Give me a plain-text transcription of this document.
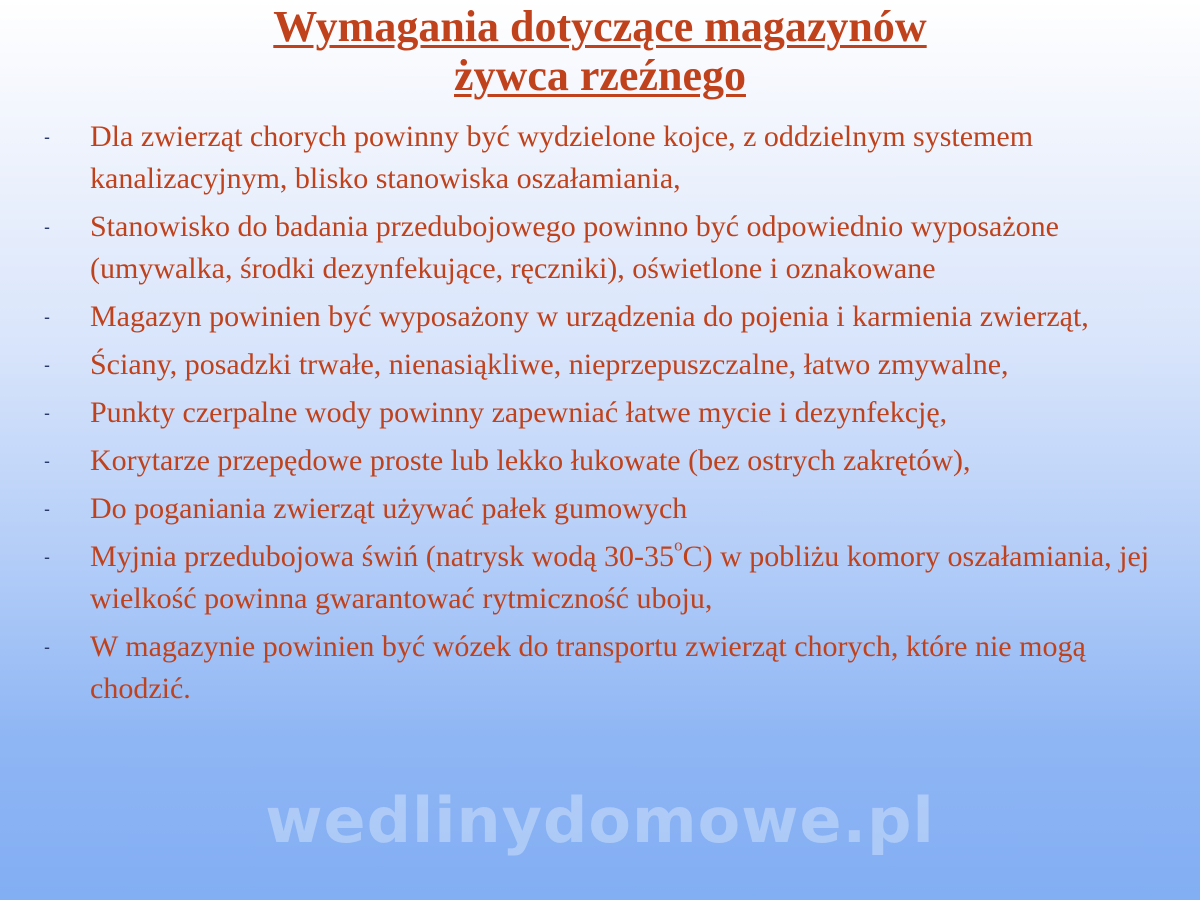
Wymagania dotyczące magazynów
żywca rzeźnego
-	Dla zwierząt chorych powinny być wydzielone kojce, z oddzielnym systemem kanalizacyjnym, blisko stanowiska oszałamiania,
-	Stanowisko do badania przedubojowego powinno być odpowiednio wyposażone (umywalka, środki dezynfekujące, ręczniki), oświetlone i oznakowane
-	Magazyn powinien być wyposażony w urządzenia do pojenia i karmienia zwierząt,
-	Ściany, posadzki trwałe, nienasiąkliwe, nieprzepuszczalne, łatwo zmywalne,
-	Punkty czerpalne wody powinny zapewniać łatwe mycie i dezynfekcję,
-	Korytarze przepędowe proste lub lekko łukowate (bez ostrych zakrętów),
-	Do poganiania zwierząt używać pałek gumowych
-	Myjnia przedubojowa świń (natrysk wodą 30-35$^o$C) w pobliżu komory oszałamiania, jej wielkość powinna gwarantować rytmiczność uboju,
-	W magazynie powinien być wózek do transportu zwierząt chorych, które nie mogą chodzić.
wedlinydomowe.pl
